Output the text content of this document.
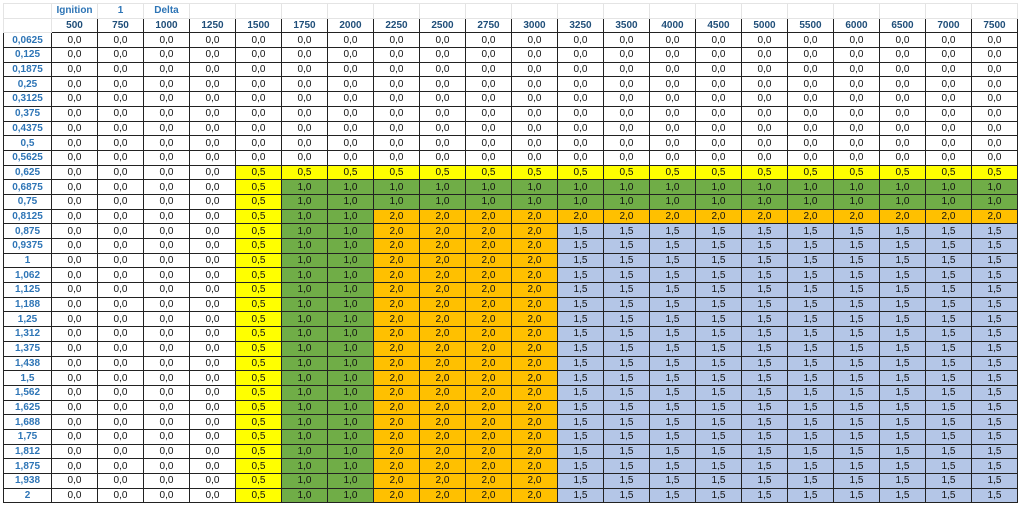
	Ignition	1	Delta																		
	500	750	1000	1250	1500	1750	2000	2250	2500	2750	3000	3250	3500	4000	4500	5000	5500	6000	6500	7000	7500
0,0625	0,0	0,0	0,0	0,0	0,0	0,0	0,0	0,0	0,0	0,0	0,0	0,0	0,0	0,0	0,0	0,0	0,0	0,0	0,0	0,0	0,0
0,125	0,0	0,0	0,0	0,0	0,0	0,0	0,0	0,0	0,0	0,0	0,0	0,0	0,0	0,0	0,0	0,0	0,0	0,0	0,0	0,0	0,0
0,1875	0,0	0,0	0,0	0,0	0,0	0,0	0,0	0,0	0,0	0,0	0,0	0,0	0,0	0,0	0,0	0,0	0,0	0,0	0,0	0,0	0,0
0,25	0,0	0,0	0,0	0,0	0,0	0,0	0,0	0,0	0,0	0,0	0,0	0,0	0,0	0,0	0,0	0,0	0,0	0,0	0,0	0,0	0,0
0,3125	0,0	0,0	0,0	0,0	0,0	0,0	0,0	0,0	0,0	0,0	0,0	0,0	0,0	0,0	0,0	0,0	0,0	0,0	0,0	0,0	0,0
0,375	0,0	0,0	0,0	0,0	0,0	0,0	0,0	0,0	0,0	0,0	0,0	0,0	0,0	0,0	0,0	0,0	0,0	0,0	0,0	0,0	0,0
0,4375	0,0	0,0	0,0	0,0	0,0	0,0	0,0	0,0	0,0	0,0	0,0	0,0	0,0	0,0	0,0	0,0	0,0	0,0	0,0	0,0	0,0
0,5	0,0	0,0	0,0	0,0	0,0	0,0	0,0	0,0	0,0	0,0	0,0	0,0	0,0	0,0	0,0	0,0	0,0	0,0	0,0	0,0	0,0
0,5625	0,0	0,0	0,0	0,0	0,0	0,0	0,0	0,0	0,0	0,0	0,0	0,0	0,0	0,0	0,0	0,0	0,0	0,0	0,0	0,0	0,0
0,625	0,0	0,0	0,0	0,0	0,5	0,5	0,5	0,5	0,5	0,5	0,5	0,5	0,5	0,5	0,5	0,5	0,5	0,5	0,5	0,5	0,5
0,6875	0,0	0,0	0,0	0,0	0,5	1,0	1,0	1,0	1,0	1,0	1,0	1,0	1,0	1,0	1,0	1,0	1,0	1,0	1,0	1,0	1,0
0,75	0,0	0,0	0,0	0,0	0,5	1,0	1,0	1,0	1,0	1,0	1,0	1,0	1,0	1,0	1,0	1,0	1,0	1,0	1,0	1,0	1,0
0,8125	0,0	0,0	0,0	0,0	0,5	1,0	1,0	2,0	2,0	2,0	2,0	2,0	2,0	2,0	2,0	2,0	2,0	2,0	2,0	2,0	2,0
0,875	0,0	0,0	0,0	0,0	0,5	1,0	1,0	2,0	2,0	2,0	2,0	1,5	1,5	1,5	1,5	1,5	1,5	1,5	1,5	1,5	1,5
0,9375	0,0	0,0	0,0	0,0	0,5	1,0	1,0	2,0	2,0	2,0	2,0	1,5	1,5	1,5	1,5	1,5	1,5	1,5	1,5	1,5	1,5
1	0,0	0,0	0,0	0,0	0,5	1,0	1,0	2,0	2,0	2,0	2,0	1,5	1,5	1,5	1,5	1,5	1,5	1,5	1,5	1,5	1,5
1,062	0,0	0,0	0,0	0,0	0,5	1,0	1,0	2,0	2,0	2,0	2,0	1,5	1,5	1,5	1,5	1,5	1,5	1,5	1,5	1,5	1,5
1,125	0,0	0,0	0,0	0,0	0,5	1,0	1,0	2,0	2,0	2,0	2,0	1,5	1,5	1,5	1,5	1,5	1,5	1,5	1,5	1,5	1,5
1,188	0,0	0,0	0,0	0,0	0,5	1,0	1,0	2,0	2,0	2,0	2,0	1,5	1,5	1,5	1,5	1,5	1,5	1,5	1,5	1,5	1,5
1,25	0,0	0,0	0,0	0,0	0,5	1,0	1,0	2,0	2,0	2,0	2,0	1,5	1,5	1,5	1,5	1,5	1,5	1,5	1,5	1,5	1,5
1,312	0,0	0,0	0,0	0,0	0,5	1,0	1,0	2,0	2,0	2,0	2,0	1,5	1,5	1,5	1,5	1,5	1,5	1,5	1,5	1,5	1,5
1,375	0,0	0,0	0,0	0,0	0,5	1,0	1,0	2,0	2,0	2,0	2,0	1,5	1,5	1,5	1,5	1,5	1,5	1,5	1,5	1,5	1,5
1,438	0,0	0,0	0,0	0,0	0,5	1,0	1,0	2,0	2,0	2,0	2,0	1,5	1,5	1,5	1,5	1,5	1,5	1,5	1,5	1,5	1,5
1,5	0,0	0,0	0,0	0,0	0,5	1,0	1,0	2,0	2,0	2,0	2,0	1,5	1,5	1,5	1,5	1,5	1,5	1,5	1,5	1,5	1,5
1,562	0,0	0,0	0,0	0,0	0,5	1,0	1,0	2,0	2,0	2,0	2,0	1,5	1,5	1,5	1,5	1,5	1,5	1,5	1,5	1,5	1,5
1,625	0,0	0,0	0,0	0,0	0,5	1,0	1,0	2,0	2,0	2,0	2,0	1,5	1,5	1,5	1,5	1,5	1,5	1,5	1,5	1,5	1,5
1,688	0,0	0,0	0,0	0,0	0,5	1,0	1,0	2,0	2,0	2,0	2,0	1,5	1,5	1,5	1,5	1,5	1,5	1,5	1,5	1,5	1,5
1,75	0,0	0,0	0,0	0,0	0,5	1,0	1,0	2,0	2,0	2,0	2,0	1,5	1,5	1,5	1,5	1,5	1,5	1,5	1,5	1,5	1,5
1,812	0,0	0,0	0,0	0,0	0,5	1,0	1,0	2,0	2,0	2,0	2,0	1,5	1,5	1,5	1,5	1,5	1,5	1,5	1,5	1,5	1,5
1,875	0,0	0,0	0,0	0,0	0,5	1,0	1,0	2,0	2,0	2,0	2,0	1,5	1,5	1,5	1,5	1,5	1,5	1,5	1,5	1,5	1,5
1,938	0,0	0,0	0,0	0,0	0,5	1,0	1,0	2,0	2,0	2,0	2,0	1,5	1,5	1,5	1,5	1,5	1,5	1,5	1,5	1,5	1,5
2	0,0	0,0	0,0	0,0	0,5	1,0	1,0	2,0	2,0	2,0	2,0	1,5	1,5	1,5	1,5	1,5	1,5	1,5	1,5	1,5	1,5
